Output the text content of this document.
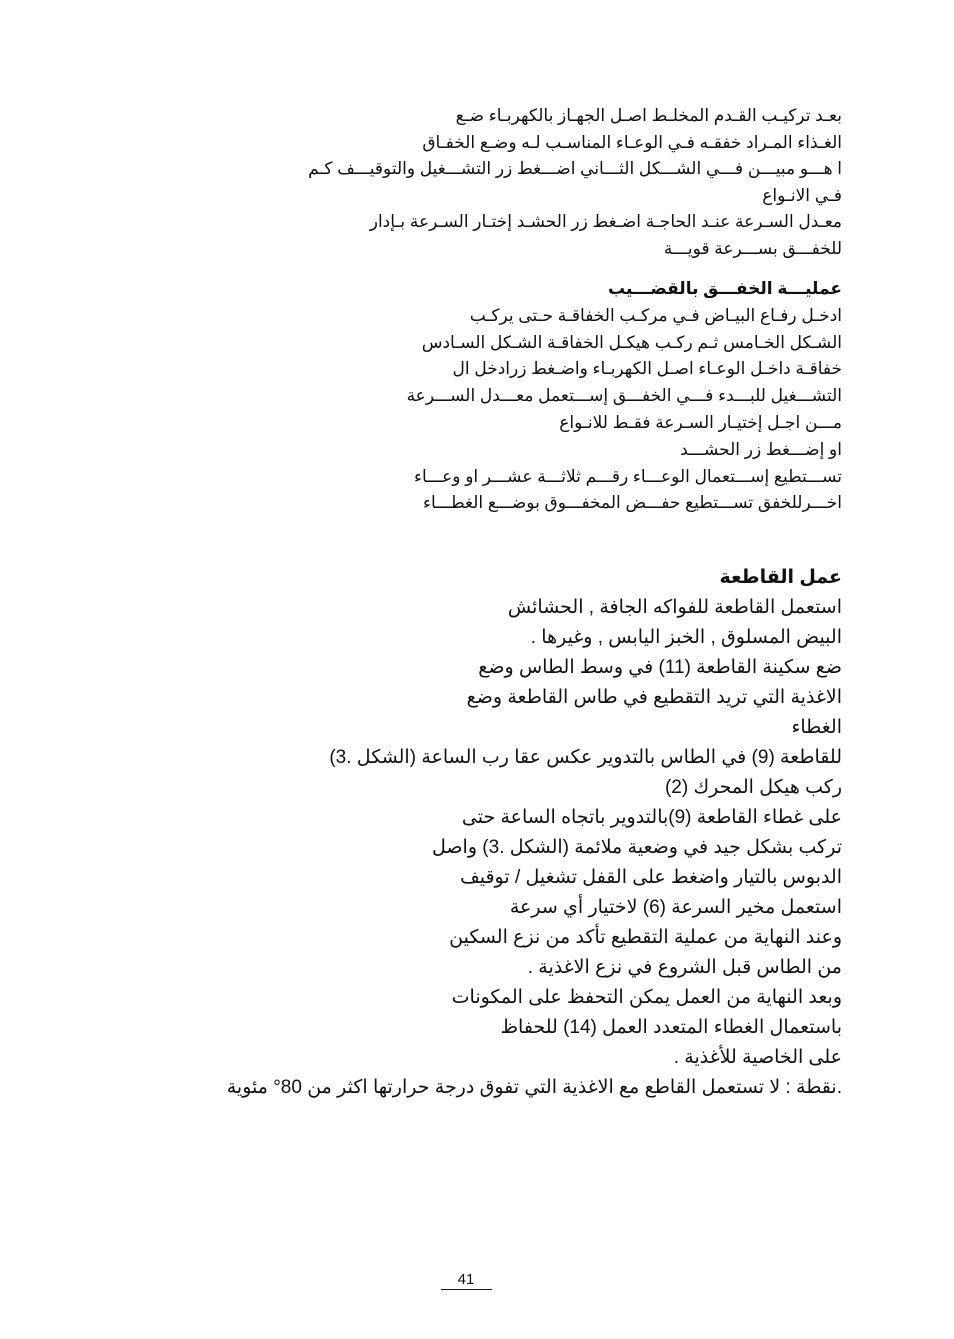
بعـد تركيـب القـدم المخلـط اصـل الجهـاز بالكهربـاء ضـع
الغـذاء المـراد خفقـه فـي الوعـاء المناسـب لـه وضـع الخفـاق
ا هـــو مبيـــن فـــي الشـــكل الثـــاني اضـــغط زر التشـــغيل والتوقيـــف كـم
فـي الانـواع
معـدل السـرعة عنـد الحاجـة اضـغط زر الحشـد إختـار السـرعة بـإدار
للخفـــق بســـرعة قويـــة
عمليـــة الخفـــق بالقضـــيب
ادخـل رفـاع البيـاض فـي مركـب الخفاقـة حـتى يركـب
الشـكل الخـامس ثـم ركـب هيكـل الخفاقـة الشـكل السـادس
خفاقـة داخـل الوعـاء اصـل الكهربـاء واضـغط زرادخل ال
التشـــغيل للبـــدء فـــي الخفـــق إســـتعمل معـــدل الســـرعة
مـــن اجـل إختيـار السـرعة فقـط للانـواع
او إضـــغط زر الحشـــد
تســـتطيع إســـتعمال الوعـــاء رقـــم ثلاثـــة عشـــر او وعـــاء
اخـــرللخفق تســـتطيع حفـــض المخفـــوق بوضـــع الغطـــاء
عمل القاطعة
استعمل القاطعة للفواكه الجافة , الحشائش
البيض المسلوق , الخبز اليابس , وغيرها .
ضع سكينة القاطعة (11) في وسط الطاس وضع
الاغذية التي تريد التقطيع في طاس القاطعة وضع
الغطاء
للقاطعة (9) في الطاس بالتدوير عكس عقا رب الساعة (الشكل .3)
ركب هيكل المحرك (2)
على غطاء القاطعة (9)بالتدوير باتجاه الساعة حتى
تركب بشكل جيد في وضعية ملائمة (الشكل .3) واصل
الدبوس بالتيار واضغط على القفل تشغيل / توقيف
استعمل مخير السرعة (6) لاختيار أي سرعة
وعند النهاية من عملية التقطيع تأكد من نزع السكين
من الطاس قبل الشروع في نزع الاغذية .
وبعد النهاية من العمل يمكن التحفظ على المكونات
باستعمال الغطاء المتعدد العمل (14) للحفاظ
على الخاصية للأغذية .
.نقطة : لا تستعمل القاطع مع الاغذية التي تفوق درجة حرارتها اكثر من 80° مئوية
41
